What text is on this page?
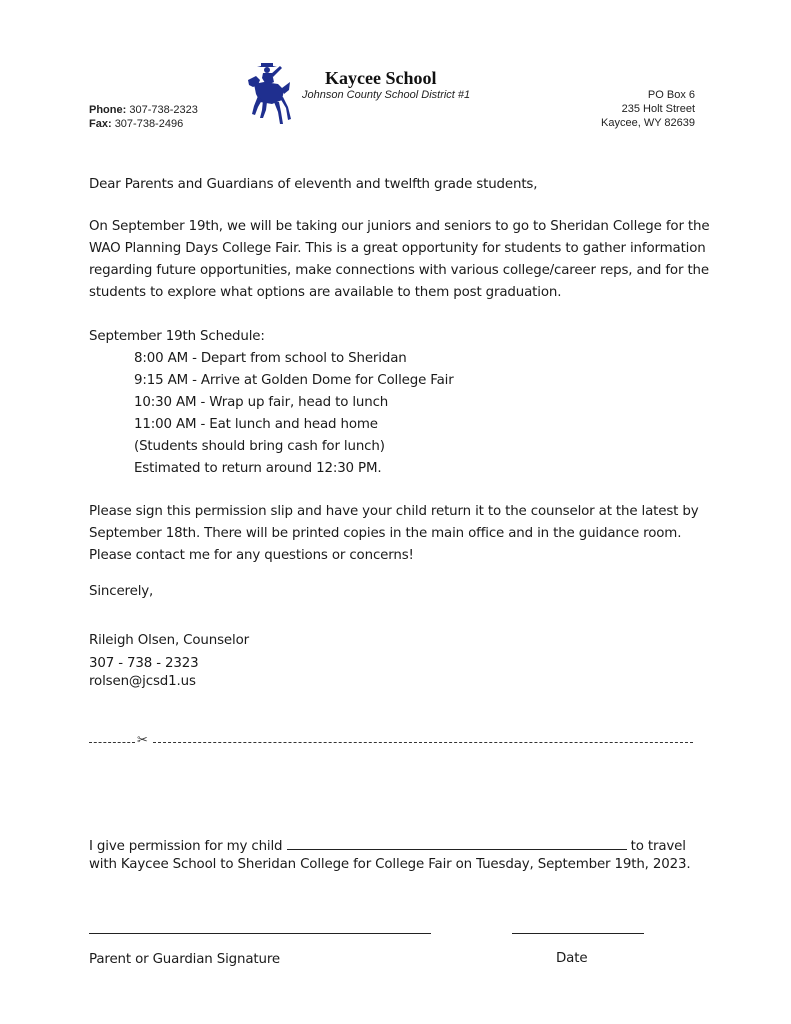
Kaycee School
Johnson County School District #1
Phone: 307-738-2323
Fax: 307-738-2496
PO Box 6
235 Holt Street
Kaycee, WY 82639
Dear Parents and Guardians of eleventh and twelfth grade students,
On September 19th, we will be taking our juniors and seniors to go to Sheridan College for the
WAO Planning Days College Fair. This is a great opportunity for students to gather information
regarding future opportunities, make connections with various college/career reps, and for the
students to explore what options are available to them post graduation.
September 19th Schedule:
8:00 AM - Depart from school to Sheridan
9:15 AM - Arrive at Golden Dome for College Fair
10:30 AM - Wrap up fair, head to lunch
11:00 AM - Eat lunch and head home
(Students should bring cash for lunch)
Estimated to return around 12:30 PM.
Please sign this permission slip and have your child return it to the counselor at the latest by
September 18th. There will be printed copies in the main office and in the guidance room.
Please contact me for any questions or concerns!
Sincerely,
Rileigh Olsen, Counselor
307 - 738 - 2323
rolsen@jcsd1.us
✂
I give permission for my child	to travel
with Kaycee School to Sheridan College for College Fair on Tuesday, September 19th, 2023.
Parent or Guardian Signature	Date
